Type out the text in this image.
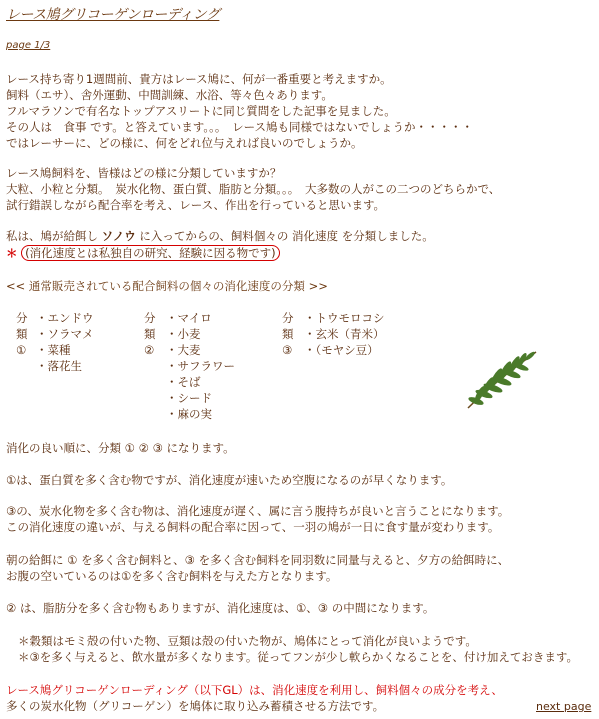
レース鳩グリコーゲンローディング
page 1/3
レース持ち寄り1週間前、貴方はレース鳩に、何が一番重要と考えますか。
飼料（エサ）、舎外運動、中間訓練、水浴、等々色々あります。
フルマラソンで有名なトップアスリートに同じ質問をした記事を見ました。
その人は　食事 です。と答えています。。。　レース鳩も同様ではないでしょうか・・・・・
ではレーサーに、どの様に、何をどれ位与えれば良いのでしょうか。
レース鳩飼料を、皆様はどの様に分類していますか？
大粒、小粒と分類。　炭水化物、蛋白質、脂肪と分類。。。　大多数の人がこの二つのどちらかで、
試行錯誤しながら配合率を考え、レース、作出を行っていると思います。
私は、鳩が給餌し ソノウ に入ってからの、飼料個々の 消化速度 を分類しました。
＊ (消化速度とは私独自の研究、経験に因る物です)
<< 通常販売されている配合飼料の個々の消化速度の分類 >>
分
類
①
・エンドウ
・ソラマメ
・菜種
・落花生
分
類
②
・マイロ
・小麦
・大麦
・サフラワー
・そば
・シード
・麻の実
分
類
③
・トウモロコシ
・玄米（青米）
・（モヤシ豆）
消化の良い順に、分類 ① ② ③ になります。
①は、蛋白質を多く含む物ですが、消化速度が速いため空腹になるのが早くなります。
③の、炭水化物を多く含む物は、消化速度が遅く、属に言う腹持ちが良いと言うことになります。
この消化速度の違いが、与える飼料の配合率に因って、一羽の鳩が一日に食す量が変わります。
朝の給餌に ① を多く含む飼料と、③ を多く含む飼料を同羽数に同量与えると、夕方の給餌時に、
お腹の空いているのは①を多く含む飼料を与えた方となります。
② は、脂肪分を多く含む物もありますが、消化速度は、①、③ の中間になります。
＊穀類はモミ殻の付いた物、豆類は殻の付いた物が、鳩体にとって消化が良いようです。
＊③を多く与えると、飲水量が多くなります。従ってフンが少し軟らかくなることを、付け加えておきます。
レース鳩グリコーゲンローディング（以下GL）は、消化速度を利用し、飼料個々の成分を考え、
多くの炭水化物（グリコーゲン）を鳩体に取り込み蓄積させる方法です。	next page
